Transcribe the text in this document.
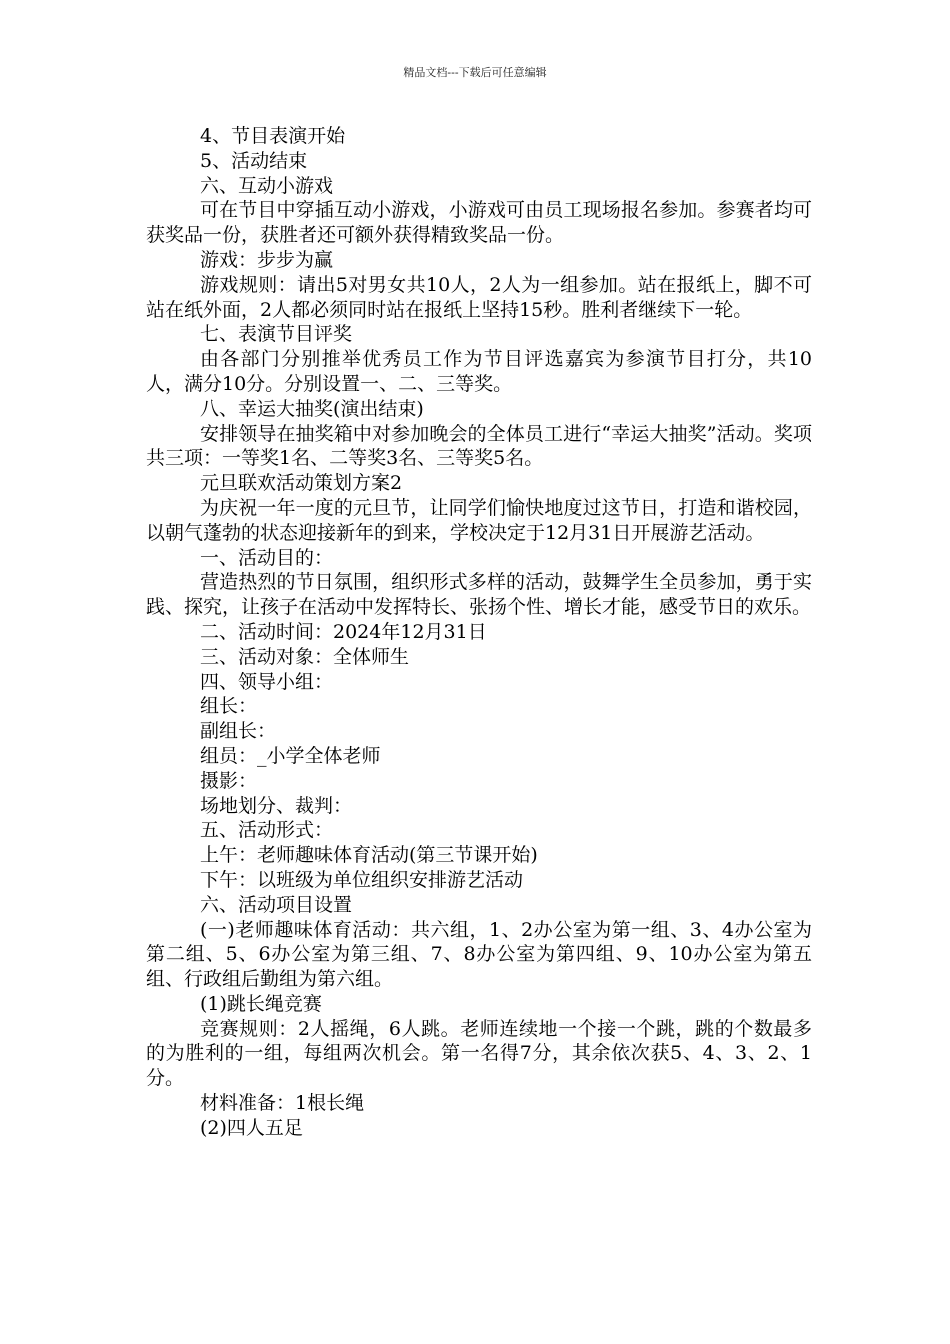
精品文档---下载后可任意编辑

4、节目表演开始

5、活动结束

六、互动小游戏

可在节目中穿插互动小游戏，小游戏可由员工现场报名参加。参赛者均可获奖品一份，获胜者还可额外获得精致奖品一份。

游戏：步步为赢

游戏规则：请出5对男女共10人，2人为一组参加。站在报纸上，脚不可站在纸外面，2人都必须同时站在报纸上坚持15秒。胜利者继续下一轮。

七、表演节目评奖

由各部门分别推举优秀员工作为节目评选嘉宾为参演节目打分，共10人，满分10分。分别设置一、二、三等奖。

八、幸运大抽奖(演出结束)

安排领导在抽奖箱中对参加晚会的全体员工进行“幸运大抽奖”活动。奖项共三项：一等奖1名、二等奖3名、三等奖5名。

元旦联欢活动策划方案2

为庆祝一年一度的元旦节，让同学们愉快地度过这节日，打造和谐校园，以朝气蓬勃的状态迎接新年的到来，学校决定于12月31日开展游艺活动。

一、活动目的：

营造热烈的节日氛围，组织形式多样的活动，鼓舞学生全员参加，勇于实践、探究，让孩子在活动中发挥特长、张扬个性、增长才能，感受节日的欢乐。

二、活动时间：2024年12月31日

三、活动对象：全体师生

四、领导小组：

组长：

副组长：

组员：_小学全体老师

摄影：

场地划分、裁判：

五、活动形式：

上午：老师趣味体育活动(第三节课开始)

下午：以班级为单位组织安排游艺活动

六、活动项目设置

(一)老师趣味体育活动：共六组，1、2办公室为第一组、3、4办公室为第二组、5、6办公室为第三组、7、8办公室为第四组、9、10办公室为第五组、行政组后勤组为第六组。

(1)跳长绳竞赛

竞赛规则：2人摇绳，6人跳。老师连续地一个接一个跳，跳的个数最多的为胜利的一组，每组两次机会。第一名得7分，其余依次获5、4、3、2、1分。

材料准备：1根长绳

(2)四人五足
